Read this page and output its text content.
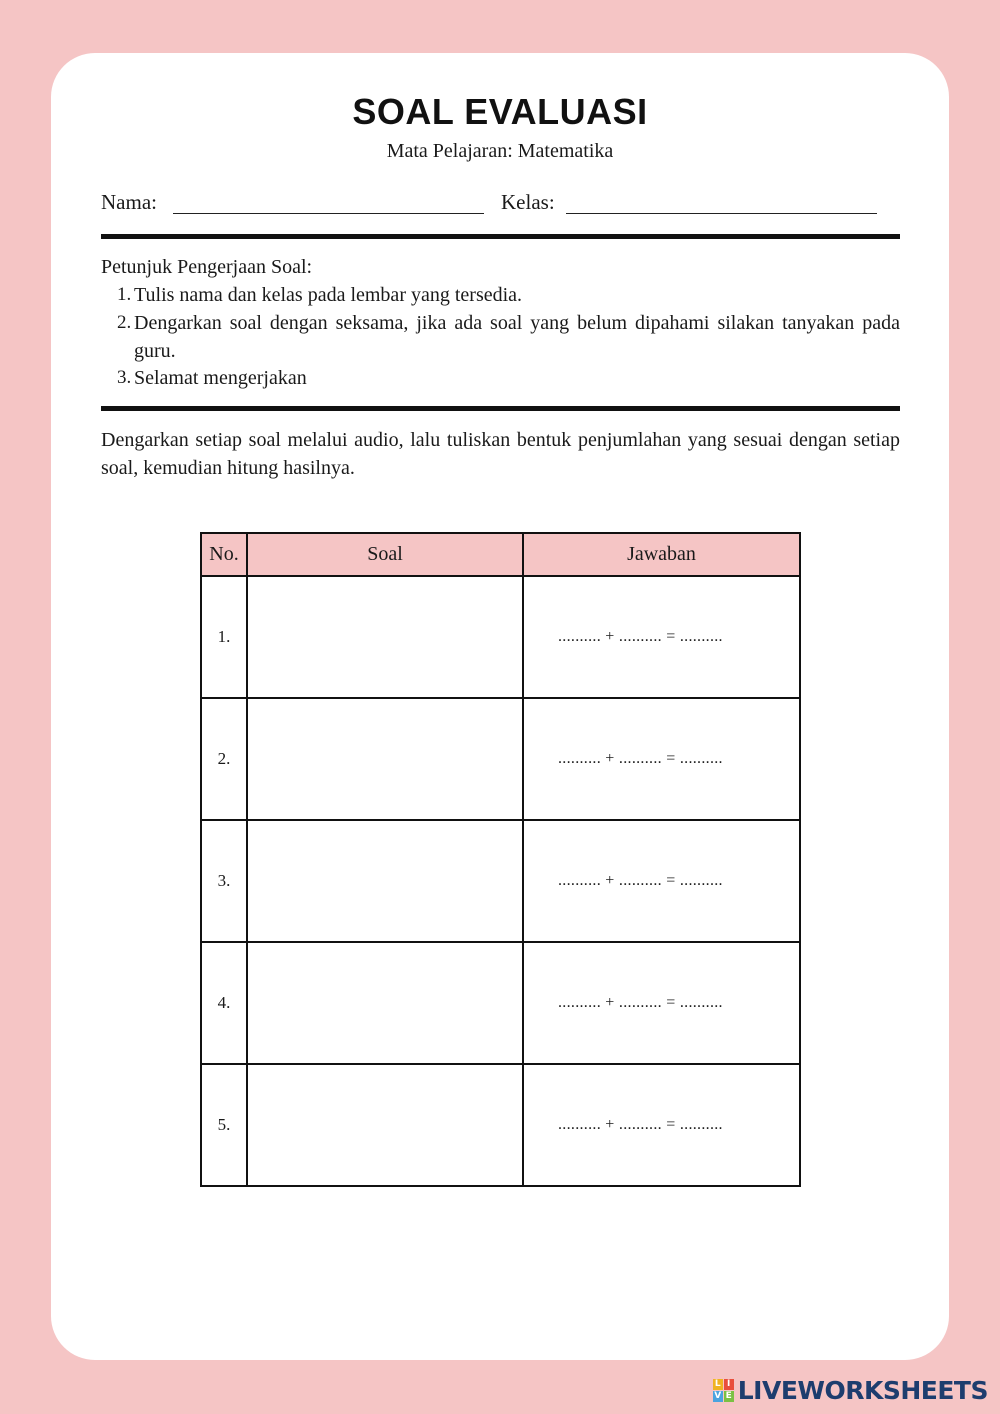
SOAL EVALUASI
Mata Pelajaran: Matematika
Nama:	Kelas:
Petunjuk Pengerjaan Soal:
1. Tulis nama dan kelas pada lembar yang tersedia.
2. Dengarkan soal dengan seksama, jika ada soal yang belum dipahami silakan tanyakan pada guru.
3. Selamat mengerjakan
Dengarkan setiap soal melalui audio, lalu tuliskan bentuk penjumlahan yang sesuai dengan setiap soal, kemudian hitung hasilnya.
No.	Soal	Jawaban
1.		.......... + .......... = ..........
2.		.......... + .......... = ..........
3.		.......... + .......... = ..........
4.		.......... + .......... = ..........
5.		.......... + .......... = ..........
L I
V E LIVEWORKSHEETS
